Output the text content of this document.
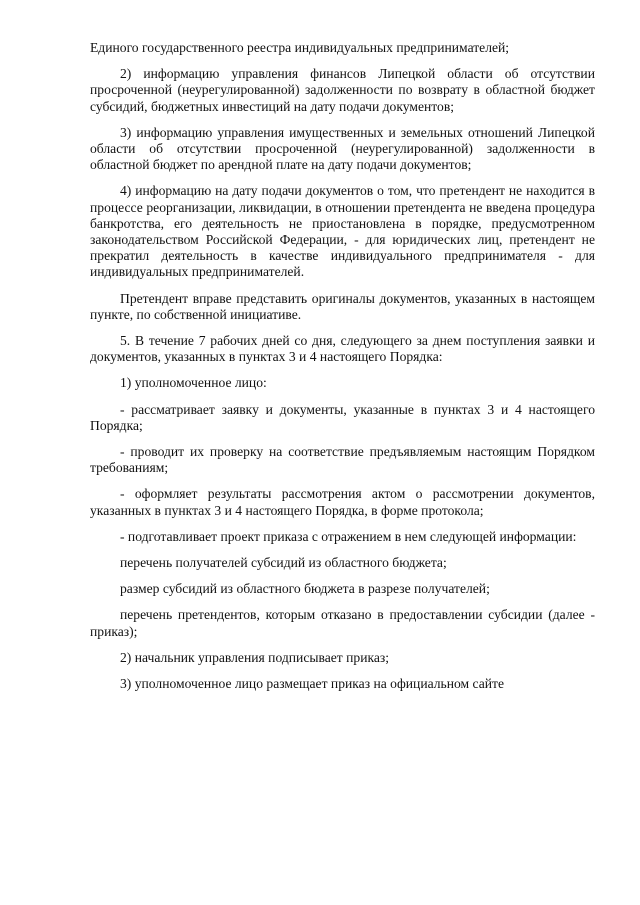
Единого государственного реестра индивидуальных предпринимателей;

2) информацию управления финансов Липецкой области об отсутствии просроченной (неурегулированной) задолженности по возврату в областной бюджет субсидий, бюджетных инвестиций на дату подачи документов;

3) информацию управления имущественных и земельных отношений Липецкой области об отсутствии просроченной (неурегулированной) задолженности в областной бюджет по арендной плате на дату подачи документов;

4) информацию на дату подачи документов о том, что претендент не находится в процессе реорганизации, ликвидации, в отношении претендента не введена процедура банкротства, его деятельность не приостановлена в порядке, предусмотренном законодательством Российской Федерации, - для юридических лиц, претендент не прекратил деятельность в качестве индивидуального предпринимателя - для индивидуальных предпринимателей.

Претендент вправе представить оригиналы документов, указанных в настоящем пункте, по собственной инициативе.

5. В течение 7 рабочих дней со дня, следующего за днем поступления заявки и документов, указанных в пунктах 3 и 4 настоящего Порядка:

1) уполномоченное лицо:

- рассматривает заявку и документы, указанные в пунктах 3 и 4 настоящего Порядка;

- проводит их проверку на соответствие предъявляемым настоящим Порядком требованиям;

- оформляет результаты рассмотрения актом о рассмотрении документов, указанных в пунктах 3 и 4 настоящего Порядка, в форме протокола;

- подготавливает проект приказа с отражением в нем следующей информации:

перечень получателей субсидий из областного бюджета;

размер субсидий из областного бюджета в разрезе получателей;

перечень претендентов, которым отказано в предоставлении субсидии (далее - приказ);

2) начальник управления подписывает приказ;

3) уполномоченное лицо размещает приказ на официальном сайте
